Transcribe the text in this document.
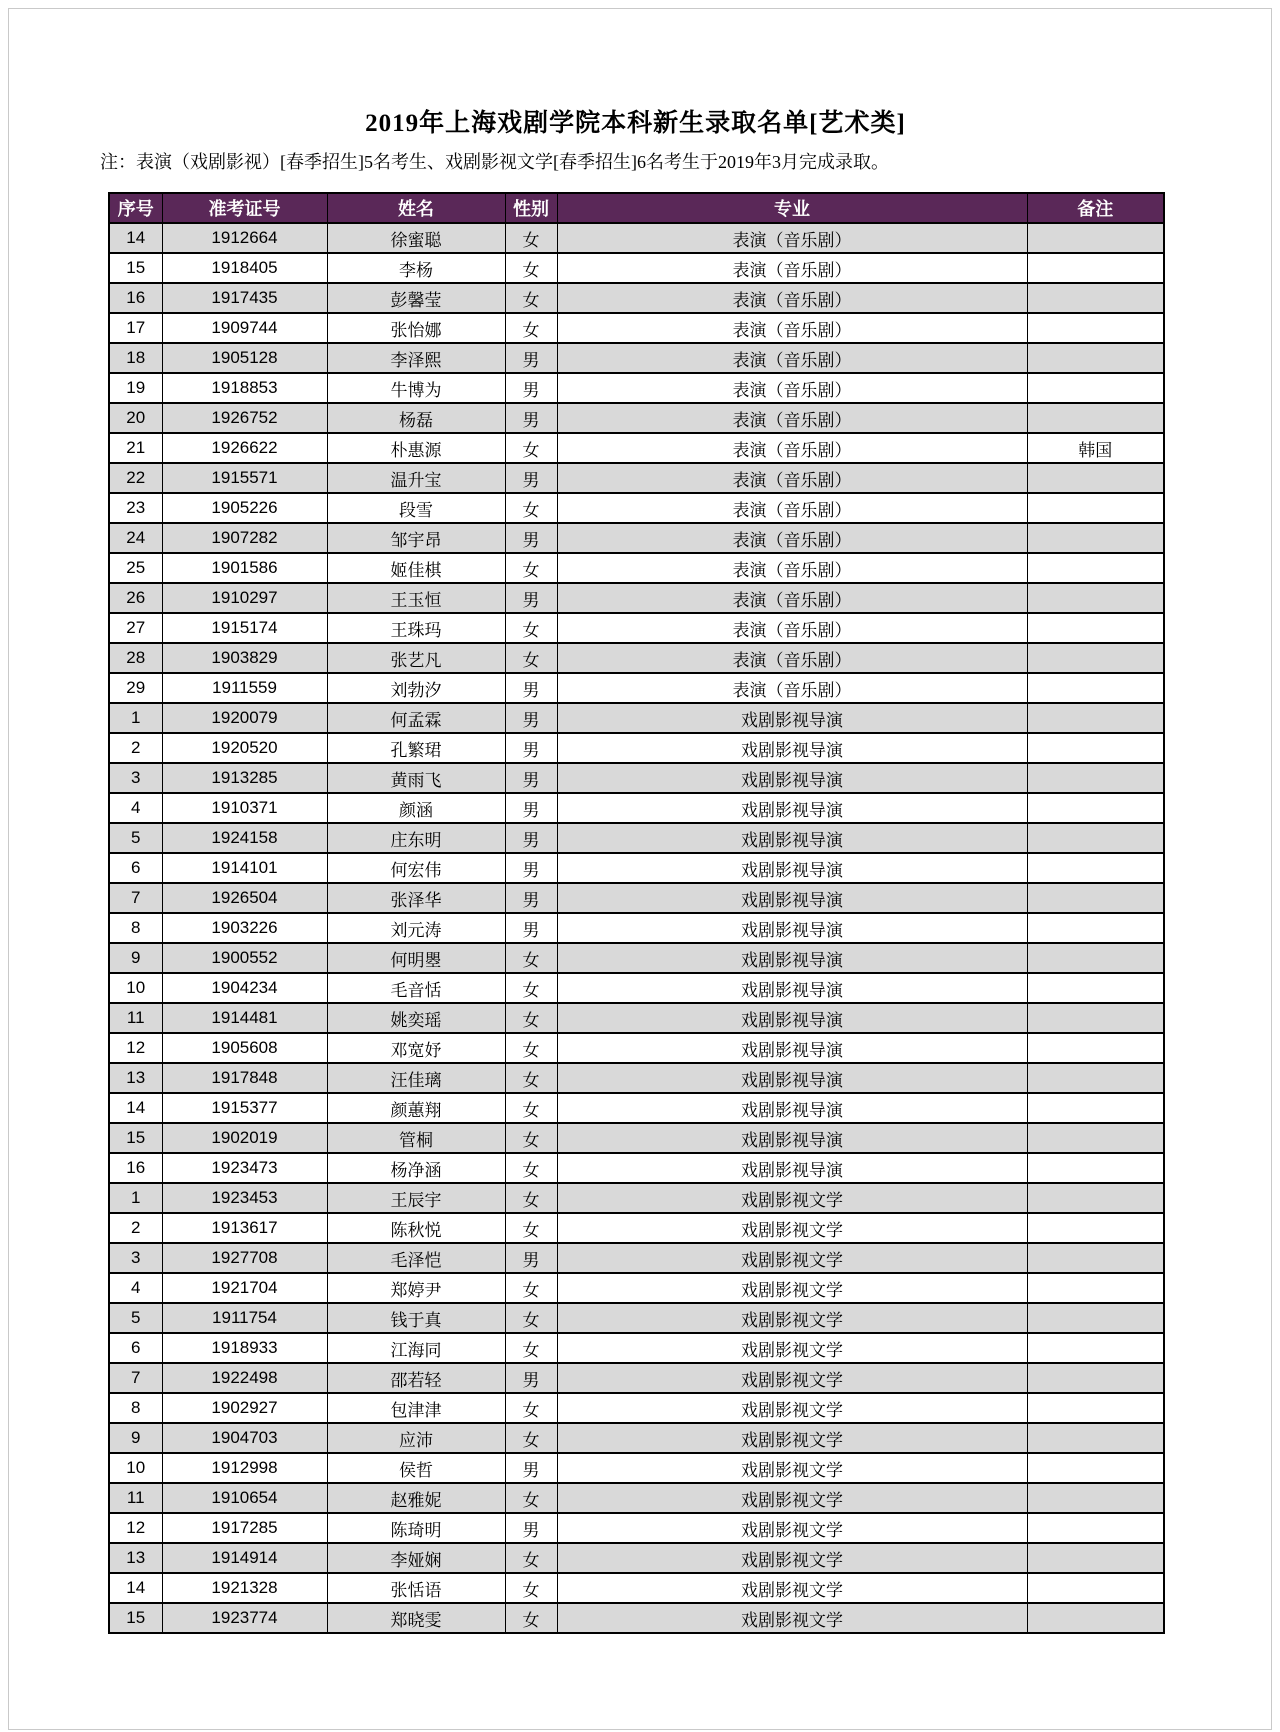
2019年上海戏剧学院本科新生录取名单[艺术类]
注：表演（戏剧影视）[春季招生]5名考生、戏剧影视文学[春季招生]6名考生于2019年3月完成录取。
序号	准考证号	姓名	性别	专业	备注
14	1912664	徐蜜聪	女	表演（音乐剧）	
15	1918405	李杨	女	表演（音乐剧）	
16	1917435	彭馨莹	女	表演（音乐剧）	
17	1909744	张怡娜	女	表演（音乐剧）	
18	1905128	李泽熙	男	表演（音乐剧）	
19	1918853	牛博为	男	表演（音乐剧）	
20	1926752	杨磊	男	表演（音乐剧）	
21	1926622	朴惠源	女	表演（音乐剧）	韩国
22	1915571	温升宝	男	表演（音乐剧）	
23	1905226	段雪	女	表演（音乐剧）	
24	1907282	邹宇昂	男	表演（音乐剧）	
25	1901586	姬佳棋	女	表演（音乐剧）	
26	1910297	王玉恒	男	表演（音乐剧）	
27	1915174	王珠玛	女	表演（音乐剧）	
28	1903829	张艺凡	女	表演（音乐剧）	
29	1911559	刘勃汐	男	表演（音乐剧）	
1	1920079	何孟霖	男	戏剧影视导演	
2	1920520	孔繁珺	男	戏剧影视导演	
3	1913285	黄雨飞	男	戏剧影视导演	
4	1910371	颜涵	男	戏剧影视导演	
5	1924158	庄东明	男	戏剧影视导演	
6	1914101	何宏伟	男	戏剧影视导演	
7	1926504	张泽华	男	戏剧影视导演	
8	1903226	刘元涛	男	戏剧影视导演	
9	1900552	何明瞾	女	戏剧影视导演	
10	1904234	毛音恬	女	戏剧影视导演	
11	1914481	姚奕瑶	女	戏剧影视导演	
12	1905608	邓宽妤	女	戏剧影视导演	
13	1917848	汪佳璃	女	戏剧影视导演	
14	1915377	颜蕙翔	女	戏剧影视导演	
15	1902019	管桐	女	戏剧影视导演	
16	1923473	杨净涵	女	戏剧影视导演	
1	1923453	王辰宇	女	戏剧影视文学	
2	1913617	陈秋悦	女	戏剧影视文学	
3	1927708	毛泽恺	男	戏剧影视文学	
4	1921704	郑婷尹	女	戏剧影视文学	
5	1911754	钱于真	女	戏剧影视文学	
6	1918933	江海同	女	戏剧影视文学	
7	1922498	邵若轻	男	戏剧影视文学	
8	1902927	包津津	女	戏剧影视文学	
9	1904703	应沛	女	戏剧影视文学	
10	1912998	侯哲	男	戏剧影视文学	
11	1910654	赵雅妮	女	戏剧影视文学	
12	1917285	陈琦明	男	戏剧影视文学	
13	1914914	李娅娴	女	戏剧影视文学	
14	1921328	张恬语	女	戏剧影视文学	
15	1923774	郑晓雯	女	戏剧影视文学	
